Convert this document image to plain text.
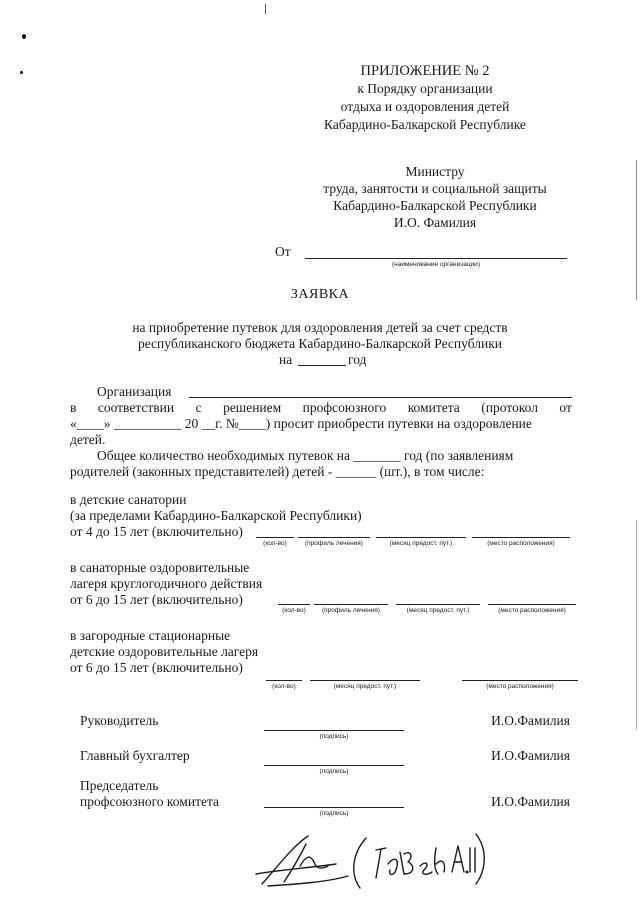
ПРИЛОЖЕНИЕ № 2
к Порядку организации
отдыха и оздоровления детей
Кабардино-Балкарской Республике
Министру
труда, занятости и социальной защиты
Кабардино-Балкарской Республики
И.О. Фамилия
От
(наименование организации)
ЗАЯВКА
на приобретение путевок для оздоровления детей за счет средств
республиканского бюджета Кабардино-Балкарской Республики
на	год
Организация
в соответствии с решением профсоюзного комитета (протокол от
«____» __________ 20 __г. №____) просит приобрести путевки на оздоровление
детей.
Общее количество необходимых путевок на _______ год (по заявлениям
родителей (законных представителей) детей - ______ (шт.), в том числе:
в детские санатории
(за пределами Кабардино-Балкарской Республики)
от 4 до 15 лет (включительно)
(кол-во)	(профиль лечения)	(месяц предост. пут.)	(место расположения)
в санаторные оздоровительные
лагеря круглогодичного действия
от 6 до 15 лет (включительно)
(кол-во)	(профиль лечения)	(месяц предост. пут.)	(место расположения)
в загородные стационарные
детские оздоровительные лагеря
от 6 до 15 лет (включительно)
(кол-во)	(месяц предост. пут.)	(место расположения)
Руководитель
(подпись)
И.О.Фамилия
Главный бухгалтер
(подпись)
И.О.Фамилия
Председатель
профсоюзного комитета
(подпись)
И.О.Фамилия
